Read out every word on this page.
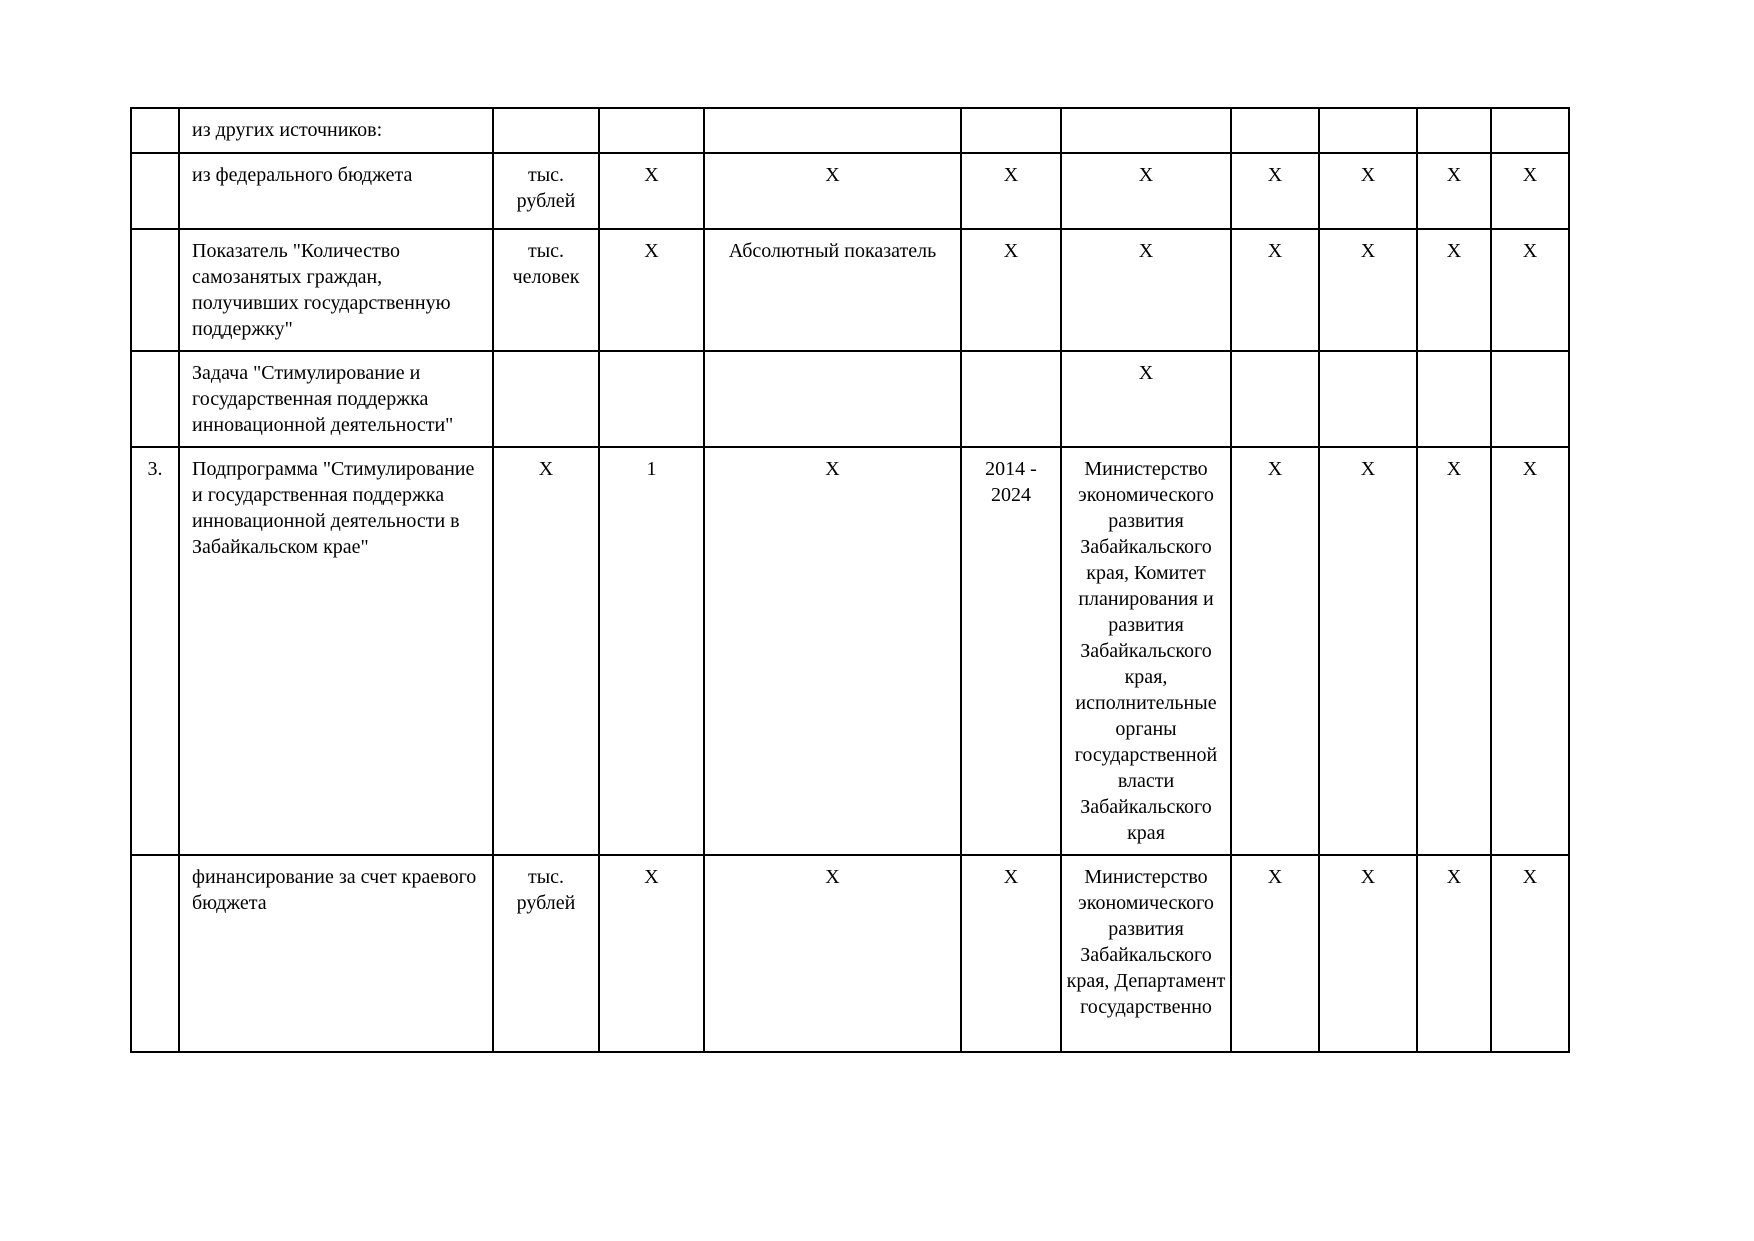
	из других источников:									
	из федерального бюджета	тыс. рублей	Х	Х	Х	Х	Х	Х	Х	Х
	Показатель "Количество самозанятых граждан, получивших государственную поддержку"	тыс. человек	Х	Абсолютный показатель	Х	Х	Х	Х	Х	Х
	Задача "Стимулирование и государственная поддержка инновационной деятельности"					Х				
3.	Подпрограмма "Стимулирование и государственная поддержка инновационной деятельности в Забайкальском крае"	Х	1	Х	2014 - 2024	Министерство экономического развития Забайкальского края, Комитет планирования и развития Забайкальского края, исполнительные органы государственной власти Забайкальского края	Х	Х	Х	Х
	финансирование за счет краевого бюджета	тыс. рублей	Х	Х	Х	Министерство экономического развития Забайкальского края, Департамент государственно	Х	Х	Х	Х
